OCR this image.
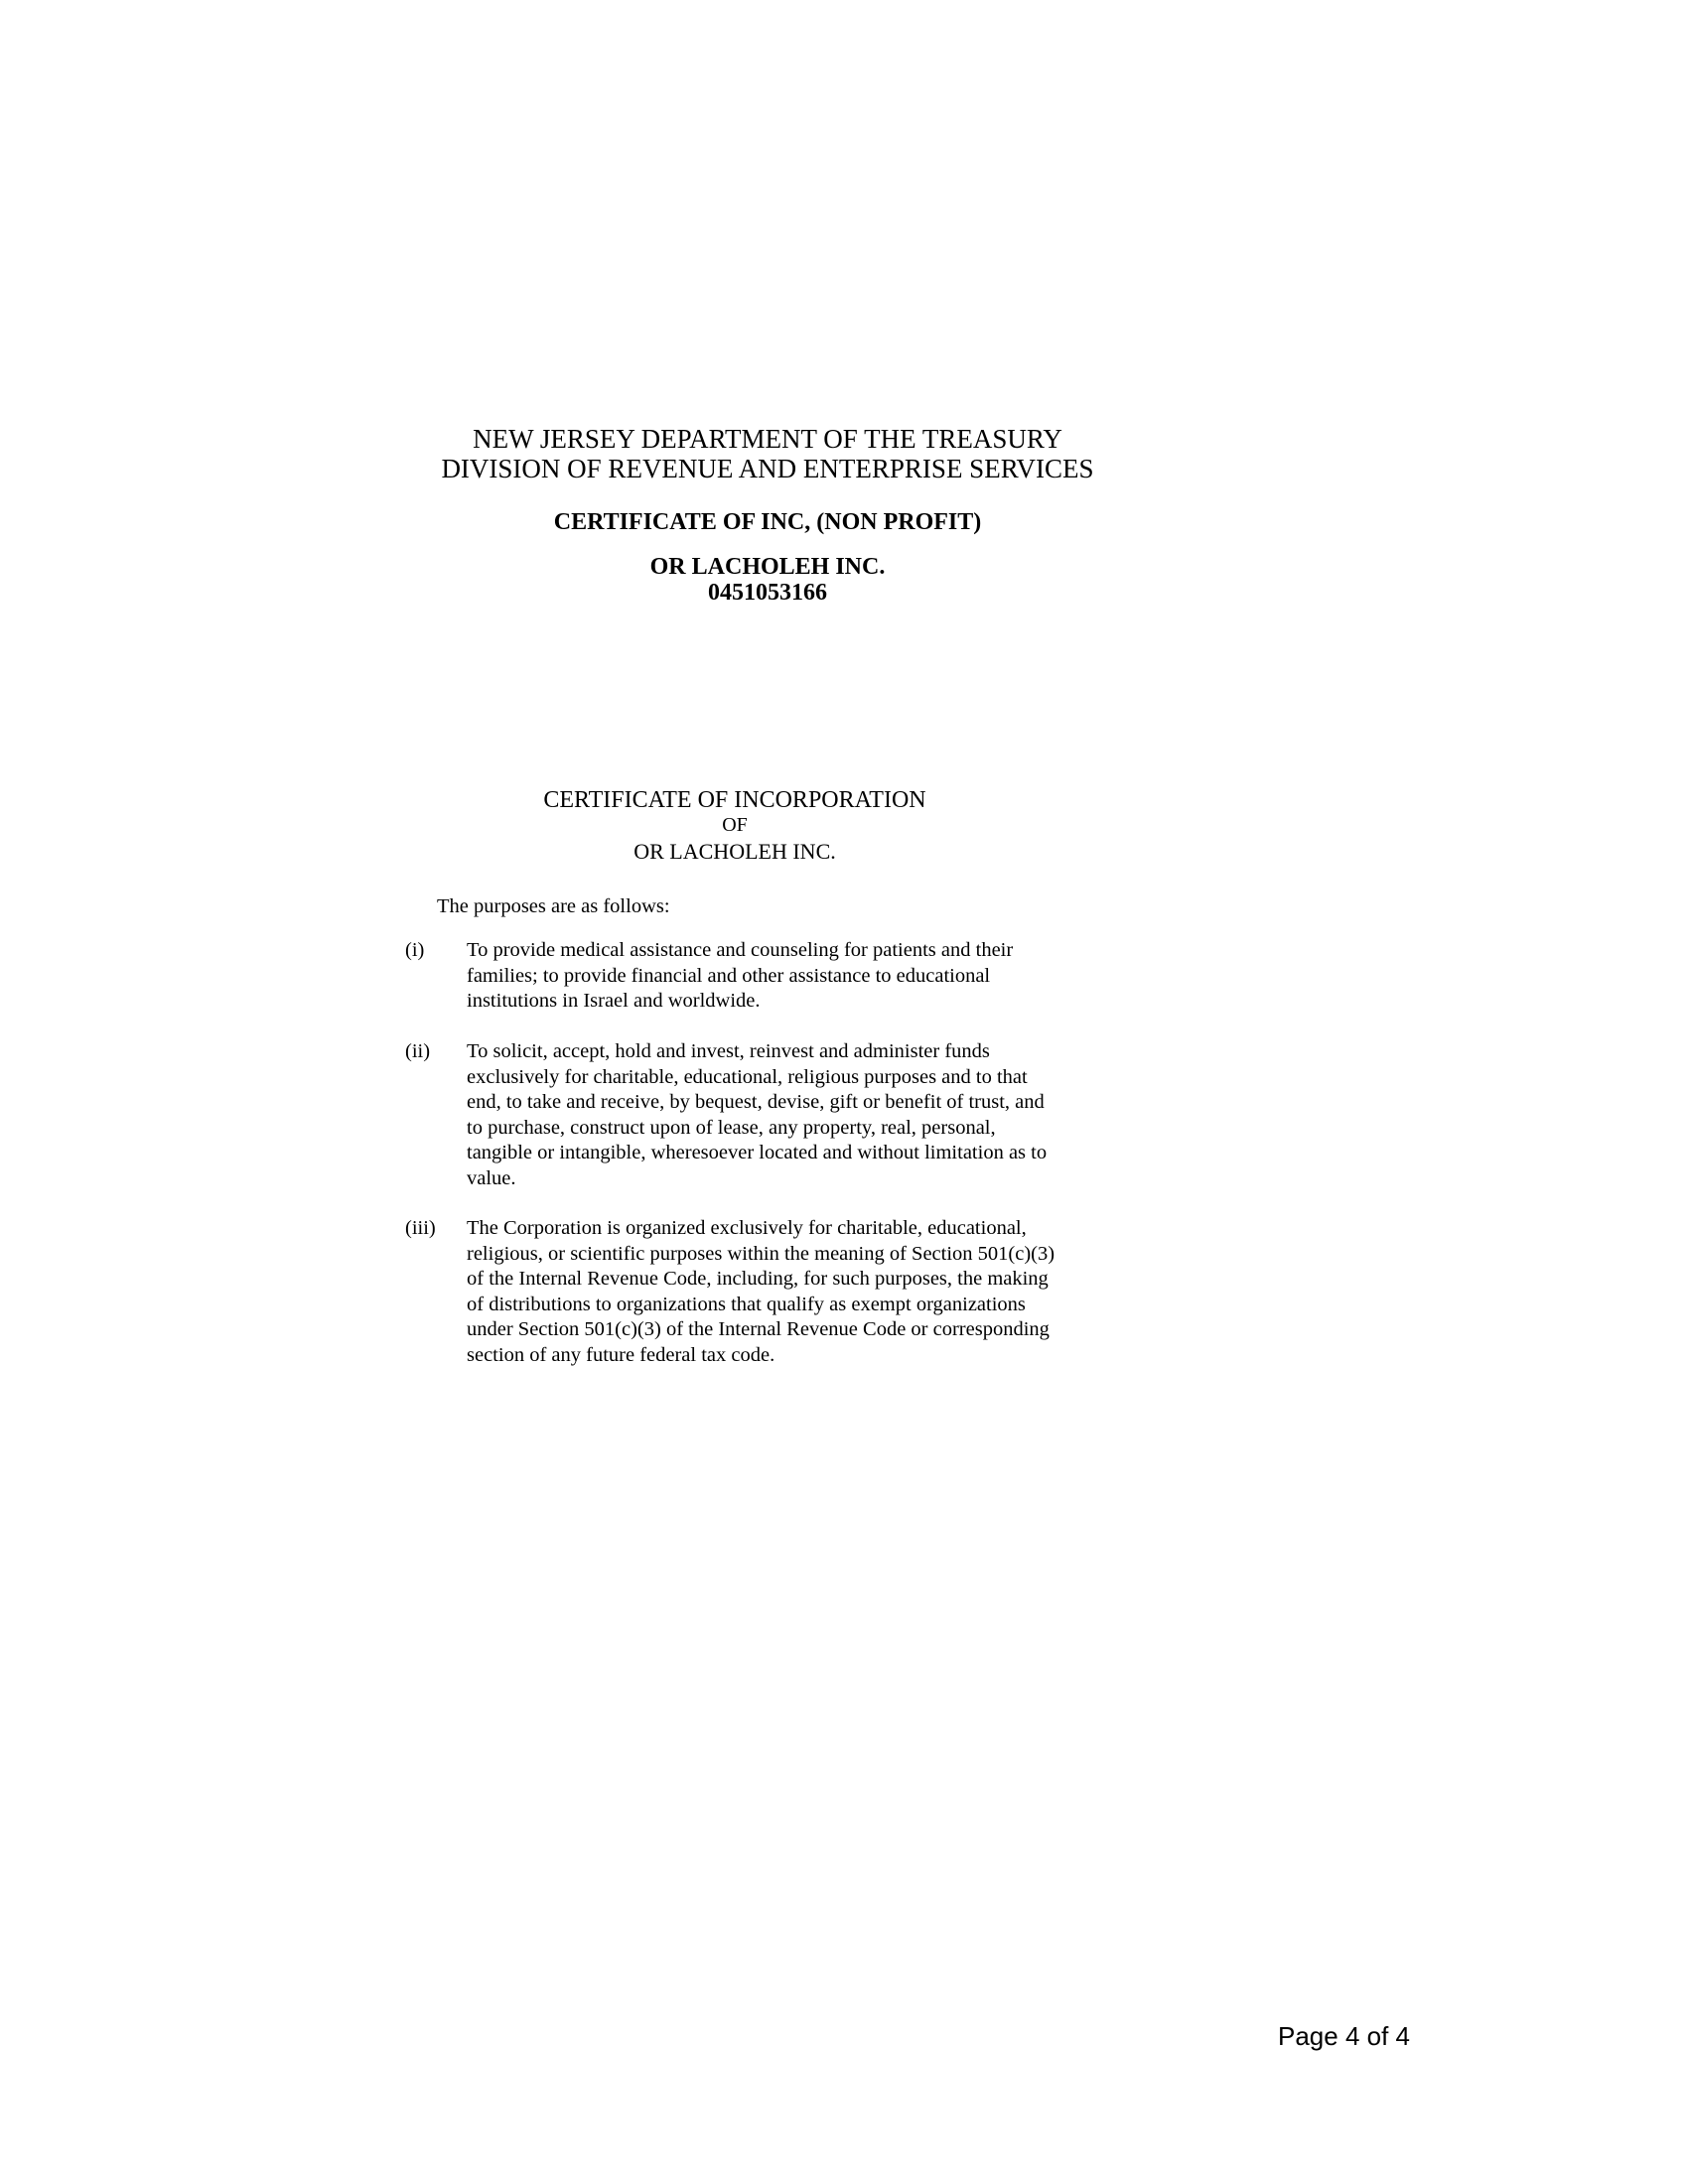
NEW JERSEY DEPARTMENT OF THE TREASURY
DIVISION OF REVENUE AND ENTERPRISE SERVICES
CERTIFICATE OF INC, (NON PROFIT)
OR LACHOLEH INC.
0451053166
CERTIFICATE OF INCORPORATION
OF
OR LACHOLEH INC.
The purposes are as follows:
(i) To provide medical assistance and counseling for patients and their
families; to provide financial and other assistance to educational
institutions in Israel and worldwide.
(ii) To solicit, accept, hold and invest, reinvest and administer funds
exclusively for charitable, educational, religious purposes and to that
end, to take and receive, by bequest, devise, gift or benefit of trust, and
to purchase, construct upon of lease, any property, real, personal,
tangible or intangible, wheresoever located and without limitation as to
value.
(iii) The Corporation is organized exclusively for charitable, educational,
religious, or scientific purposes within the meaning of Section 501(c)(3)
of the Internal Revenue Code, including, for such purposes, the making
of distributions to organizations that qualify as exempt organizations
under Section 501(c)(3) of the Internal Revenue Code or corresponding
section of any future federal tax code.
Page 4 of 4
